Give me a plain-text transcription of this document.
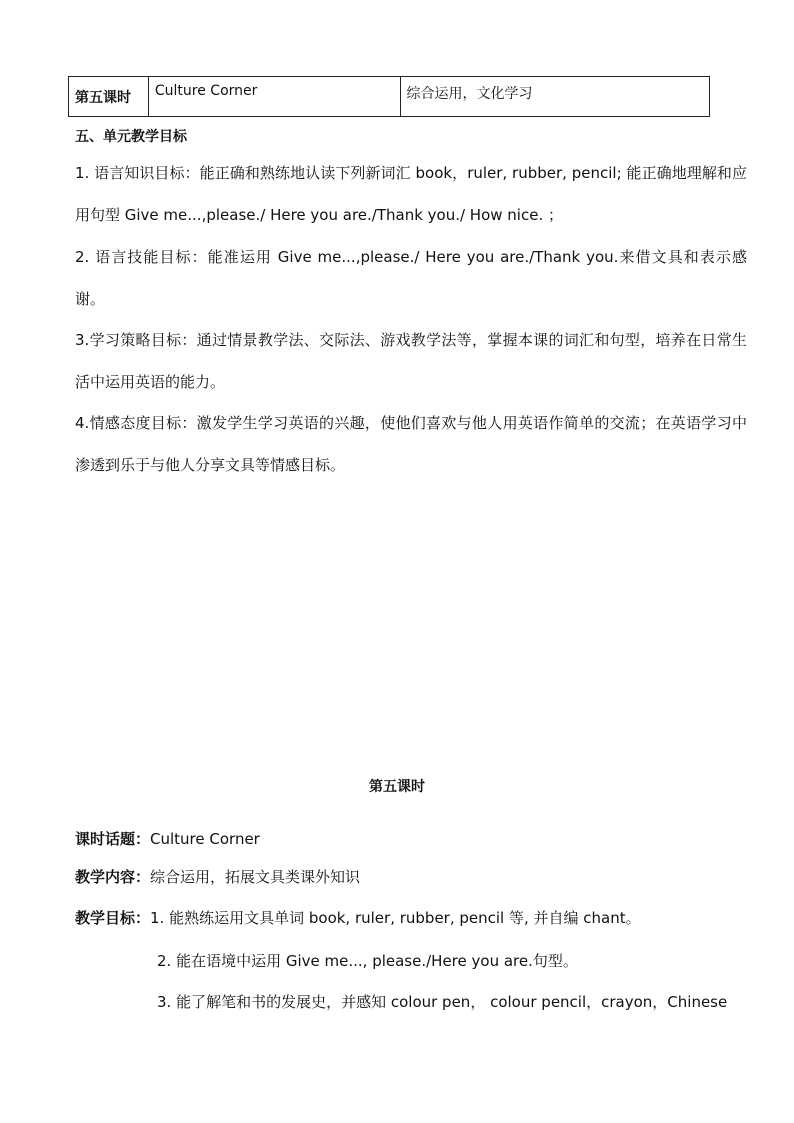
第五课时	Culture Corner	综合运用，文化学习
五、单元教学目标
1. 语言知识目标：能正确和熟练地认读下列新词汇 book，ruler, rubber, pencil; 能正确地理解和应用句型 Give me...,please./ Here you are./Thank you./ How nice. ；
2. 语言技能目标：能准运用 Give me...,please./ Here you are./Thank you.来借文具和表示感谢。
3.学习策略目标：通过情景教学法、交际法、游戏教学法等，掌握本课的词汇和句型，培养在日常生活中运用英语的能力。
4.情感态度目标：激发学生学习英语的兴趣，使他们喜欢与他人用英语作简单的交流；在英语学习中渗透到乐于与他人分享文具等情感目标。
第五课时
课时话题：Culture Corner
教学内容：综合运用，拓展文具类课外知识
教学目标：1. 能熟练运用文具单词 book, ruler, rubber, pencil 等, 并自编 chant。
2. 能在语境中运用 Give me..., please./Here you are.句型。
3. 能了解笔和书的发展史，并感知 colour pen， colour pencil，crayon，Chinese
